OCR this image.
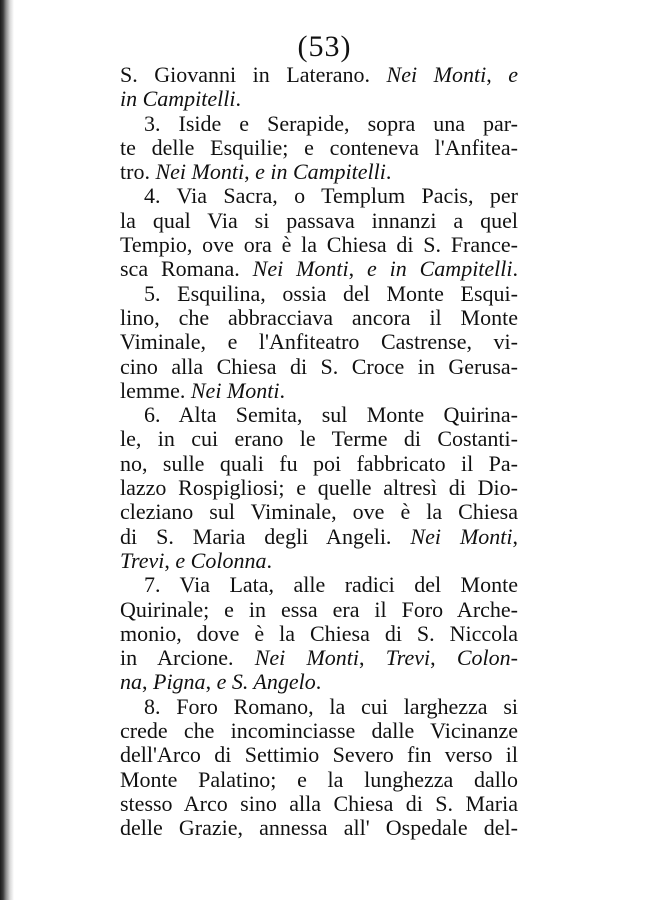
(53)
S. Giovanni in Laterano. Nei Monti, e
in Campitelli.
3. Iside e Serapide, sopra una par-
te delle Esquilie; e conteneva l'Anfitea-
tro. Nei Monti, e in Campitelli.
4. Via Sacra, o Templum Pacis, per
la qual Via si passava innanzi a quel
Tempio, ove ora è la Chiesa di S. France-
sca Romana. Nei Monti, e in Campitelli.
5. Esquilina, ossia del Monte Esqui-
lino, che abbracciava ancora il Monte
Viminale, e l'Anfiteatro Castrense, vi-
cino alla Chiesa di S. Croce in Gerusa-
lemme. Nei Monti.
6. Alta Semita, sul Monte Quirina-
le, in cui erano le Terme di Costanti-
no, sulle quali fu poi fabbricato il Pa-
lazzo Rospigliosi; e quelle altresì di Dio-
cleziano sul Viminale, ove è la Chiesa
di S. Maria degli Angeli. Nei Monti,
Trevi, e Colonna.
7. Via Lata, alle radici del Monte
Quirinale; e in essa era il Foro Arche-
monio, dove è la Chiesa di S. Niccola
in Arcione. Nei Monti, Trevi, Colon-
na, Pigna, e S. Angelo.
8. Foro Romano, la cui larghezza si
crede che incominciasse dalle Vicinanze
dell'Arco di Settimio Severo fin verso il
Monte Palatino; e la lunghezza dallo
stesso Arco sino alla Chiesa di S. Maria
delle Grazie, annessa all' Ospedale del-
